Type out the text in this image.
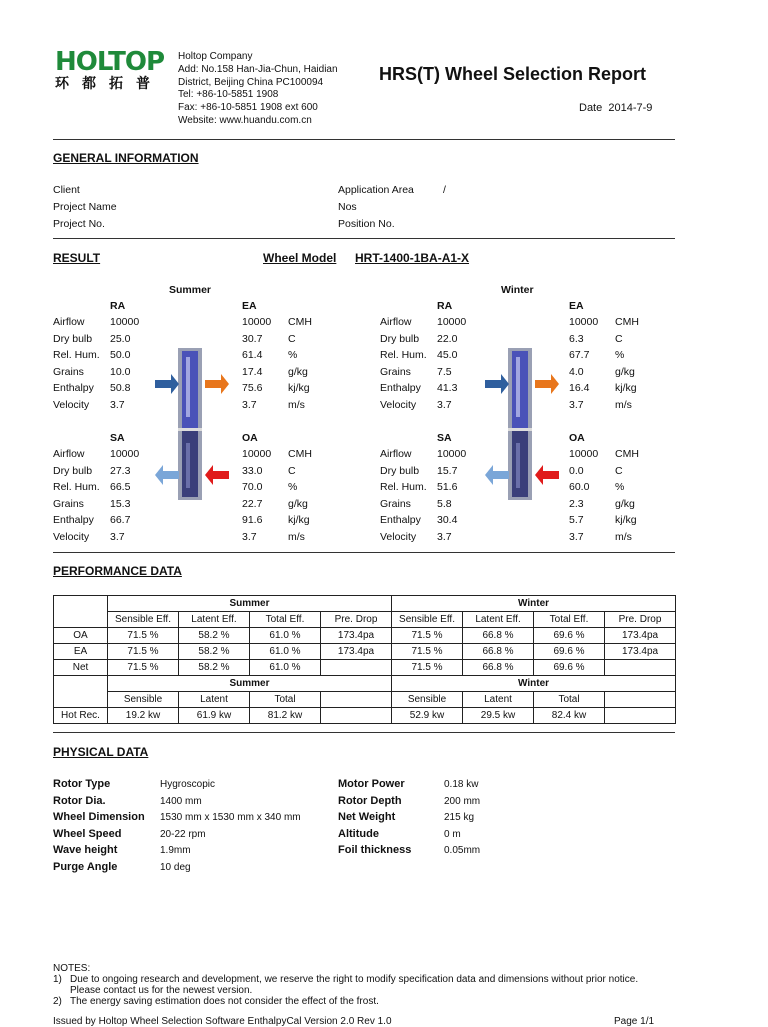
HOLTOP
环都拓普
Holtop Company
Add: No.158 Han-Jia-Chun, Haidian
District, Beijing China PC100094
Tel: +86-10-5851 1908
Fax: +86-10-5851 1908 ext 600
Website: www.huandu.com.cn
HRS(T) Wheel Selection Report
Date 2014-7-9
GENERAL INFORMATION
Client
Project Name
Project No.
Application Area	/
Nos
Position No.
RESULT	Wheel Model HRT-1400-1BA-A1-X
Summer	Winter
RA	EA
Airflow 10000	10000 CMH
Dry bulb 25.0	30.7 C
Rel. Hum. 50.0	61.4 %
Grains 10.0	17.4 g/kg
Enthalpy 50.8	75.6 kj/kg
Velocity 3.7	3.7	m/s
SA	OA
Airflow 10000	10000 CMH
Dry bulb 27.3	33.0 C
Rel. Hum. 66.5	70.0 %
Grains 15.3	22.7 g/kg
Enthalpy 66.7	91.6 kj/kg
Velocity 3.7	3.7	m/s
RA	EA
Airflow 10000	10000 CMH
Dry bulb 22.0	6.3	C
Rel. Hum. 45.0	67.7 %
Grains 7.5	4.0	g/kg
Enthalpy 41.3	16.4 kj/kg
Velocity 3.7	3.7	m/s
SA	OA
Airflow 10000	10000 CMH
Dry bulb 15.7	0.0	C
Rel. Hum. 51.6	60.0 %
Grains 5.8	2.3	g/kg
Enthalpy 30.4	5.7	kj/kg
Velocity 3.7	3.7	m/s
PERFORMANCE DATA
	Summer				Winter			
	Sensible Eff.	Latent Eff.	Total Eff.	Pre. Drop	Sensible Eff.	Latent Eff.	Total Eff.	Pre. Drop
OA	71.5 %	58.2 %	61.0 %	173.4pa	71.5 %	66.8 %	69.6 %	173.4pa
EA	71.5 %	58.2 %	61.0 %	173.4pa	71.5 %	66.8 %	69.6 %	173.4pa
Net	71.5 %	58.2 %	61.0 %		71.5 %	66.8 %	69.6 %	
	Summer				Winter			
	Sensible	Latent	Total		Sensible	Latent	Total	
Hot Rec.	19.2 kw	61.9 kw	81.2 kw		52.9 kw	29.5 kw	82.4 kw	
PHYSICAL DATA
Rotor Type	Hygroscopic
Rotor Dia.	1400 mm
Wheel Dimension 1530 mm x 1530 mm x 340 mm
Wheel Speed	20-22 rpm
Wave height	1.9mm
Purge Angle	10 deg
Motor Power	0.18 kw
Rotor Depth	200 mm
Net Weight	215 kg
Altitude	0 m
Foil thickness	0.05mm
NOTES:
1) Due to ongoing research and development, we reserve the right to modify specification data and dimensions without prior notice.
Please contact us for the newest version.
2) The energy saving estimation does not consider the effect of the frost.
Issued by Holtop Wheel Selection Software EnthalpyCal Version 2.0 Rev 1.0	Page 1/1
